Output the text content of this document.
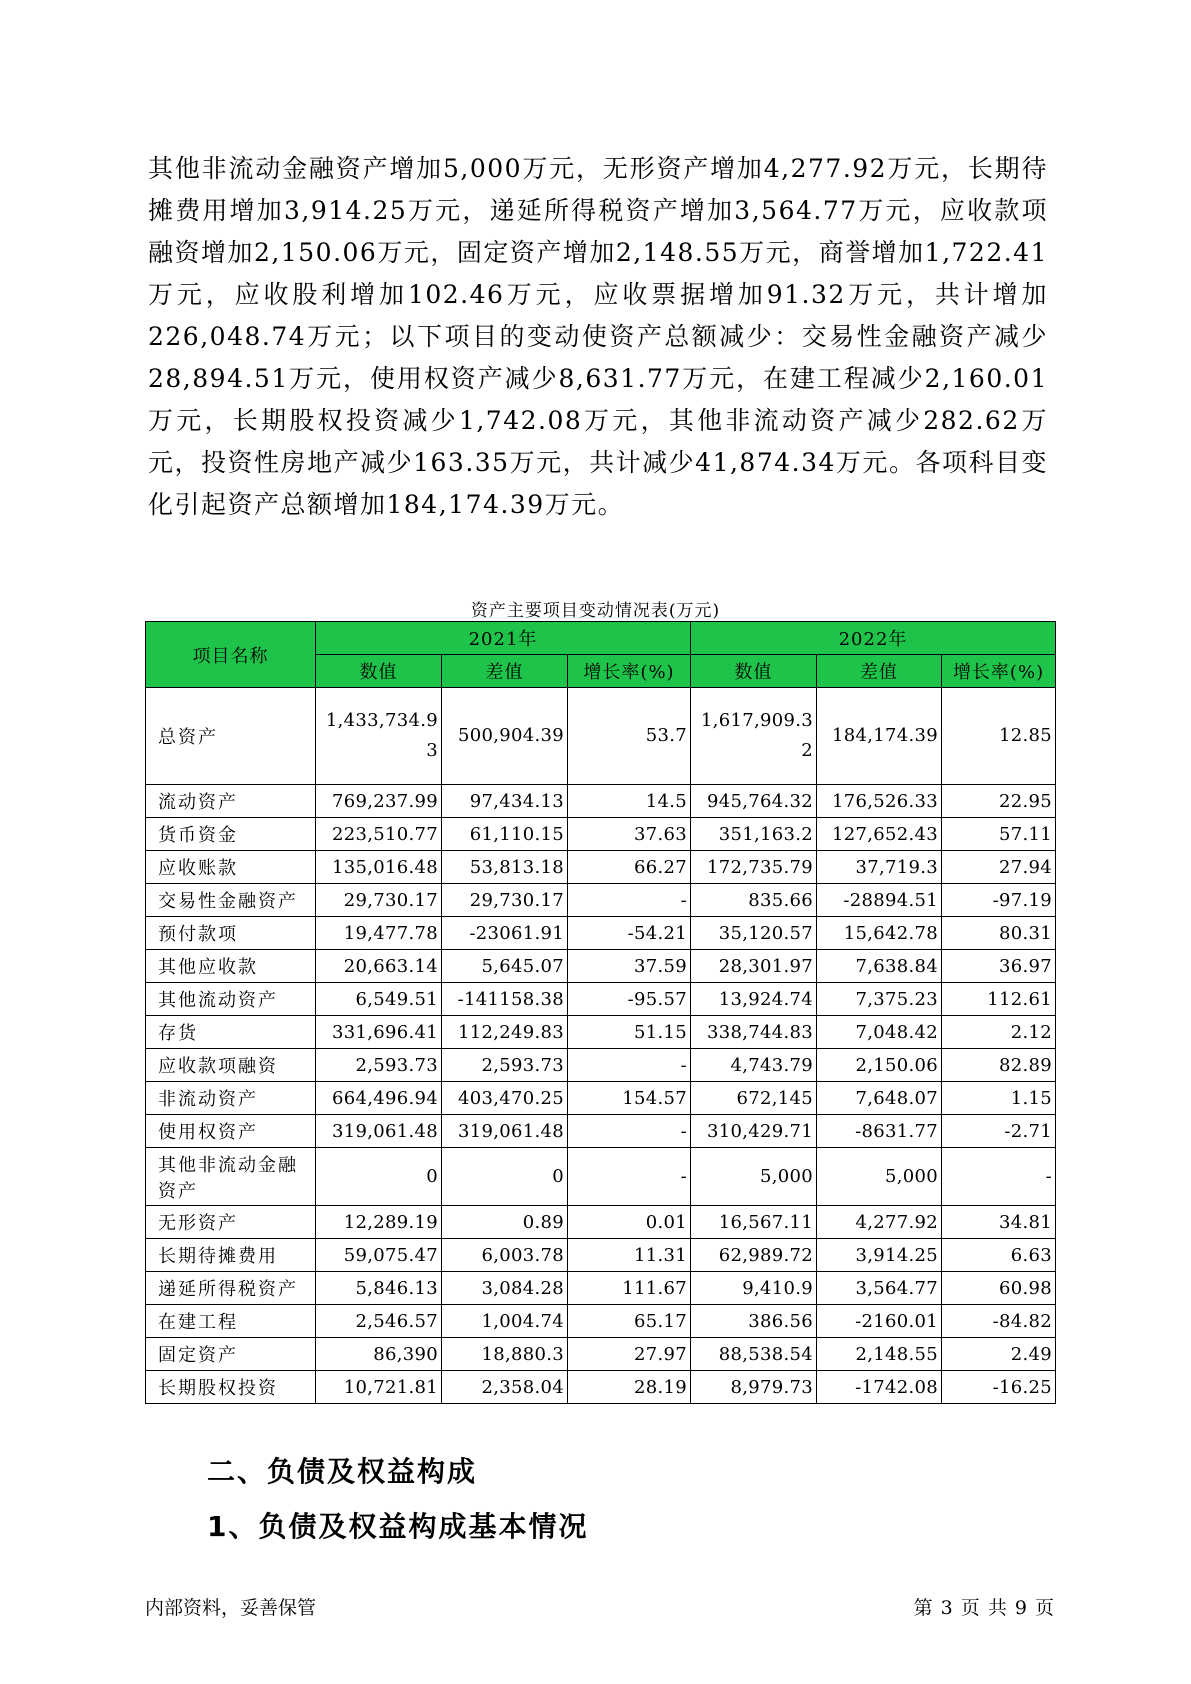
其他非流动金融资产增加5,000万元，无形资产增加4,277.92万元，长期待摊费用增加3,914.25万元，递延所得税资产增加3,564.77万元，应收款项融资增加2,150.06万元，固定资产增加2,148.55万元，商誉增加1,722.41万元，应收股利增加102.46万元，应收票据增加91.32万元，共计增加226,048.74万元；以下项目的变动使资产总额减少：交易性金融资产减少28,894.51万元，使用权资产减少8,631.77万元，在建工程减少2,160.01万元，长期股权投资减少1,742.08万元，其他非流动资产减少282.62万元，投资性房地产减少163.35万元，共计减少41,874.34万元。各项科目变化引起资产总额增加184,174.39万元。

资产主要项目变动情况表(万元)
项目名称	2021年			2022年		
	数值	差值	增长率(%)	数值	差值	增长率(%)
总资产	1,433,734.93	500,904.39	53.7	1,617,909.32	184,174.39	12.85
流动资产	769,237.99	97,434.13	14.5	945,764.32	176,526.33	22.95
货币资金	223,510.77	61,110.15	37.63	351,163.2	127,652.43	57.11
应收账款	135,016.48	53,813.18	66.27	172,735.79	37,719.3	27.94
交易性金融资产	29,730.17	29,730.17	-	835.66	-28894.51	-97.19
预付款项	19,477.78	-23061.91	-54.21	35,120.57	15,642.78	80.31
其他应收款	20,663.14	5,645.07	37.59	28,301.97	7,638.84	36.97
其他流动资产	6,549.51	-141158.38	-95.57	13,924.74	7,375.23	112.61
存货	331,696.41	112,249.83	51.15	338,744.83	7,048.42	2.12
应收款项融资	2,593.73	2,593.73	-	4,743.79	2,150.06	82.89
非流动资产	664,496.94	403,470.25	154.57	672,145	7,648.07	1.15
使用权资产	319,061.48	319,061.48	-	310,429.71	-8631.77	-2.71
其他非流动金融资产	0	0	-	5,000	5,000	-
无形资产	12,289.19	0.89	0.01	16,567.11	4,277.92	34.81
长期待摊费用	59,075.47	6,003.78	11.31	62,989.72	3,914.25	6.63
递延所得税资产	5,846.13	3,084.28	111.67	9,410.9	3,564.77	60.98
在建工程	2,546.57	1,004.74	65.17	386.56	-2160.01	-84.82
固定资产	86,390	18,880.3	27.97	88,538.54	2,148.55	2.49
长期股权投资	10,721.81	2,358.04	28.19	8,979.73	-1742.08	-16.25
二、负债及权益构成
1、负债及权益构成基本情况
内部资料，妥善保管	第 3 页 共 9 页
